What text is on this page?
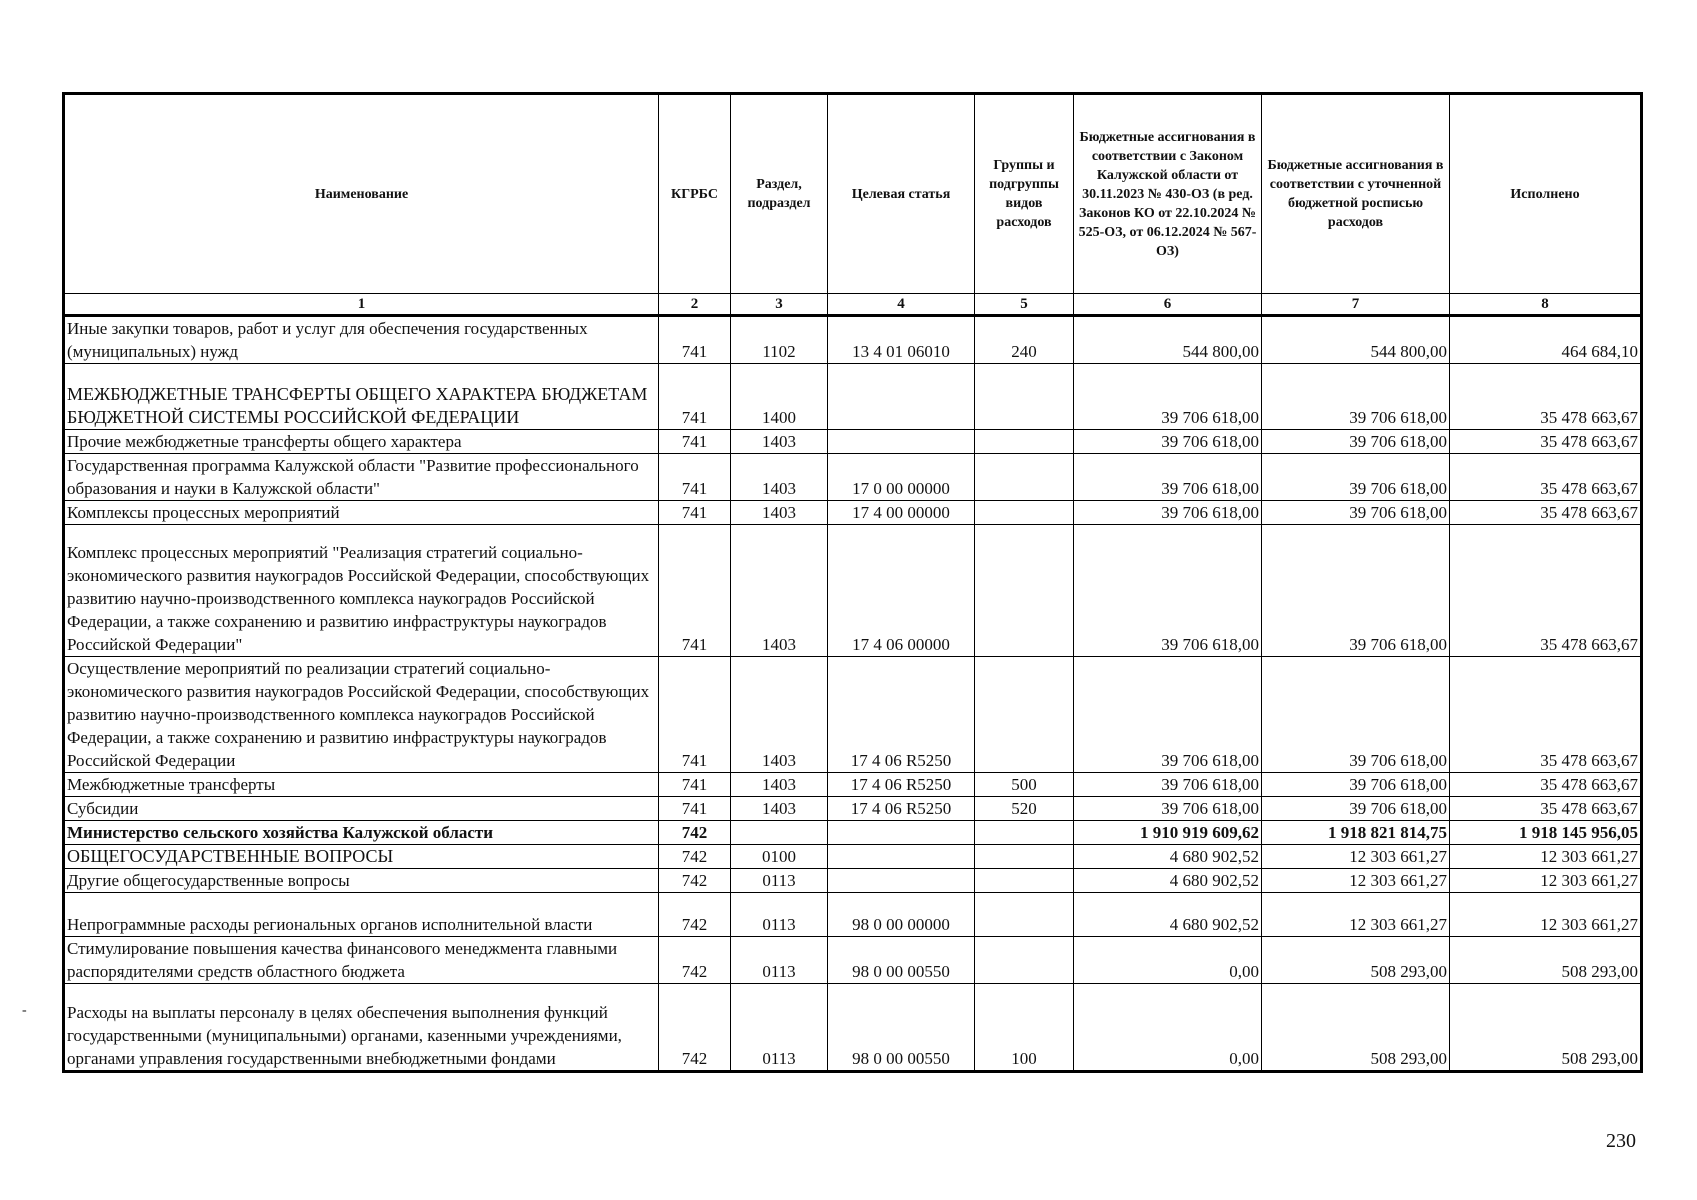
Наименование	КГРБС	Раздел, подраздел	Целевая статья	Группы и подгруппы видов расходов	Бюджетные ассигнования в соответствии с Законом Калужской области от 30.11.2023 № 430-ОЗ (в ред. Законов КО от 22.10.2024 № 525-ОЗ, от 06.12.2024 № 567-ОЗ)	Бюджетные ассигнования в соответствии с уточненной бюджетной росписью расходов	Исполнено
1	2	3	4	5	6	7	8
Иные закупки товаров, работ и услуг для обеспечения государственных (муниципальных) нужд	741	1102	13 4 01 06010	240	544 800,00	544 800,00	464 684,10
МЕЖБЮДЖЕТНЫЕ ТРАНСФЕРТЫ ОБЩЕГО ХАРАКТЕРА БЮДЖЕТАМ БЮДЖЕТНОЙ СИСТЕМЫ РОССИЙСКОЙ ФЕДЕРАЦИИ	741	1400			39 706 618,00	39 706 618,00	35 478 663,67
Прочие межбюджетные трансферты общего характера	741	1403			39 706 618,00	39 706 618,00	35 478 663,67
Государственная программа Калужской области "Развитие профессионального образования и науки в Калужской области"	741	1403	17 0 00 00000		39 706 618,00	39 706 618,00	35 478 663,67
Комплексы процессных мероприятий	741	1403	17 4 00 00000		39 706 618,00	39 706 618,00	35 478 663,67
Комплекс процессных мероприятий "Реализация стратегий социально-экономического развития наукоградов Российской Федерации, способствующих развитию научно-производственного комплекса наукоградов Российской Федерации, а также сохранению и развитию инфраструктуры наукоградов Российской Федерации"	741	1403	17 4 06 00000		39 706 618,00	39 706 618,00	35 478 663,67
Осуществление мероприятий по реализации стратегий социально-экономического развития наукоградов Российской Федерации, способствующих развитию научно-производственного комплекса наукоградов Российской Федерации, а также сохранению и развитию инфраструктуры наукоградов Российской Федерации	741	1403	17 4 06 R5250		39 706 618,00	39 706 618,00	35 478 663,67
Межбюджетные трансферты	741	1403	17 4 06 R5250	500	39 706 618,00	39 706 618,00	35 478 663,67
Субсидии	741	1403	17 4 06 R5250	520	39 706 618,00	39 706 618,00	35 478 663,67
Министерство сельского хозяйства Калужской области	742				1 910 919 609,62	1 918 821 814,75	1 918 145 956,05
ОБЩЕГОСУДАРСТВЕННЫЕ ВОПРОСЫ	742	0100			4 680 902,52	12 303 661,27	12 303 661,27
Другие общегосударственные вопросы	742	0113			4 680 902,52	12 303 661,27	12 303 661,27
Непрограммные расходы региональных органов исполнительной власти	742	0113	98 0 00 00000		4 680 902,52	12 303 661,27	12 303 661,27
Стимулирование повышения качества финансового менеджмента главными распорядителями средств областного бюджета	742	0113	98 0 00 00550		0,00	508 293,00	508 293,00
Расходы на выплаты персоналу в целях обеспечения выполнения функций государственными (муниципальными) органами, казенными учреждениями, органами управления государственными внебюджетными фондами	742	0113	98 0 00 00550	100	0,00	508 293,00	508 293,00
-
230
